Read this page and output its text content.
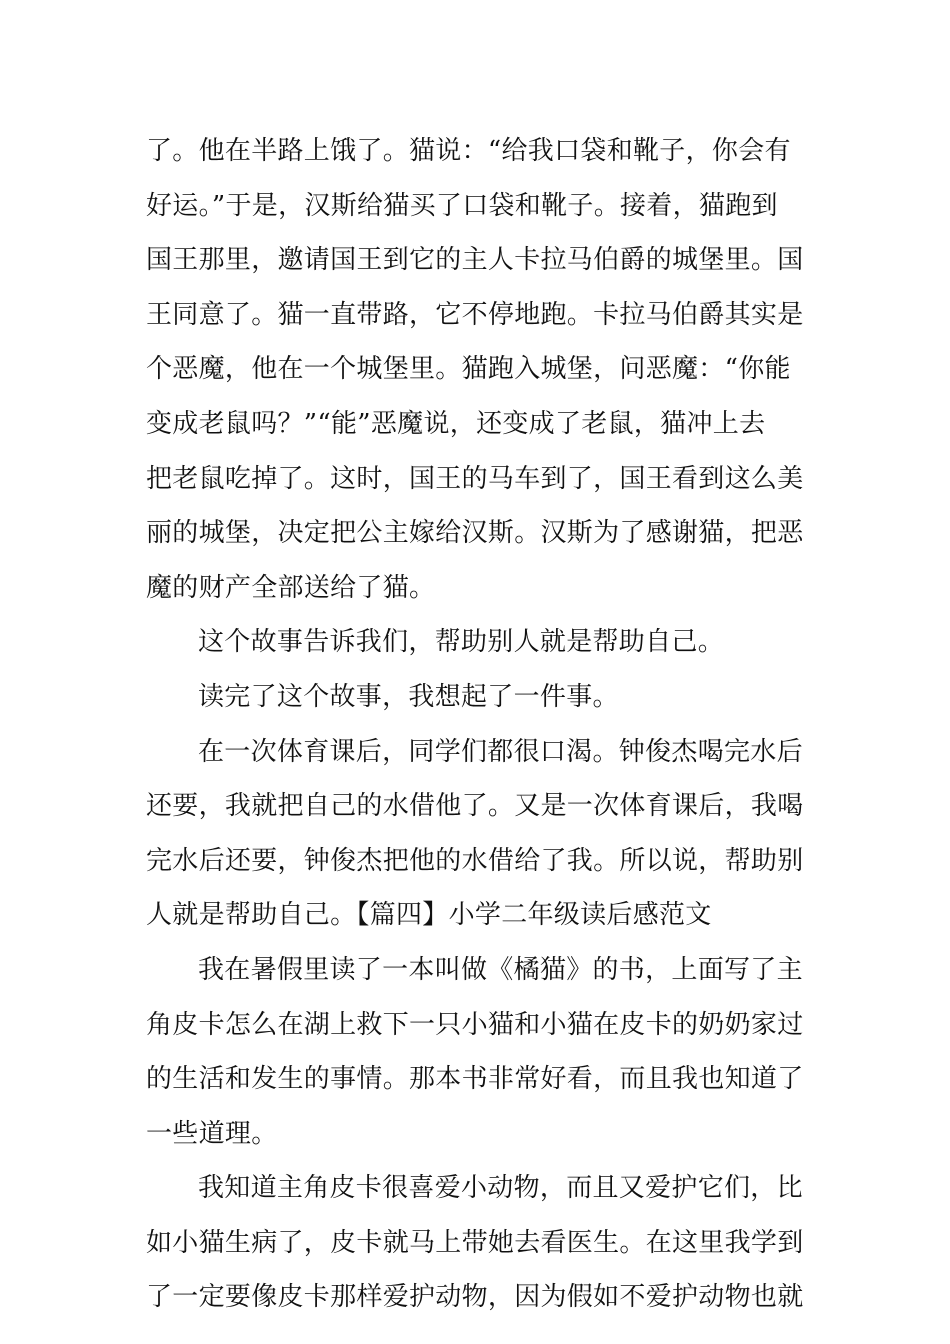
了。他在半路上饿了。猫说：“给我口袋和靴子，你会有
好运。”于是，汉斯给猫买了口袋和靴子。接着，猫跑到
国王那里，邀请国王到它的主人卡拉马伯爵的城堡里。国
王同意了。猫一直带路，它不停地跑。卡拉马伯爵其实是
个恶魔，他在一个城堡里。猫跑入城堡，问恶魔：“你能
变成老鼠吗？”“能”恶魔说，还变成了老鼠，猫冲上去
把老鼠吃掉了。这时，国王的马车到了，国王看到这么美
丽的城堡，决定把公主嫁给汉斯。汉斯为了感谢猫，把恶
魔的财产全部送给了猫。
这个故事告诉我们，帮助别人就是帮助自己。
读完了这个故事，我想起了一件事。
在一次体育课后，同学们都很口渴。钟俊杰喝完水后
还要，我就把自己的水借他了。又是一次体育课后，我喝
完水后还要，钟俊杰把他的水借给了我。所以说，帮助别
人就是帮助自己。【篇四】小学二年级读后感范文
我在暑假里读了一本叫做《橘猫》的书，上面写了主
角皮卡怎么在湖上救下一只小猫和小猫在皮卡的奶奶家过
的生活和发生的事情。那本书非常好看，而且我也知道了
一些道理。
我知道主角皮卡很喜爱小动物，而且又爱护它们，比
如小猫生病了，皮卡就马上带她去看医生。在这里我学到
了一定要像皮卡那样爱护动物，因为假如不爱护动物也就
